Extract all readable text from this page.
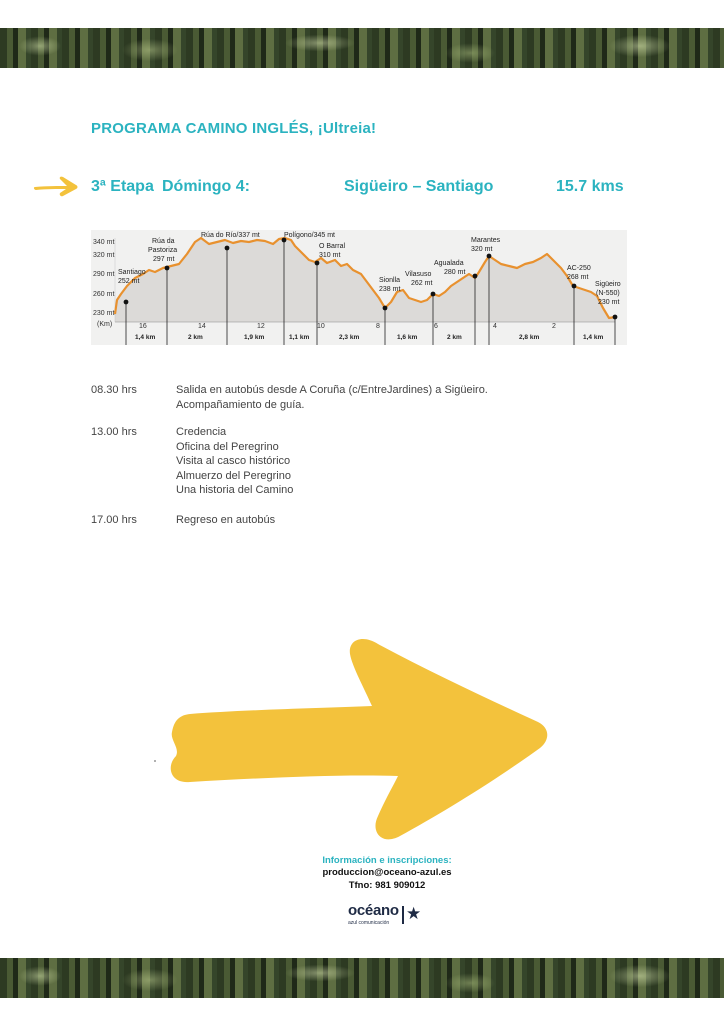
PROGRAMA CAMINO INGLÉS, ¡Ultreia!
3ª Etapa Dómingo 4:	Sigüeiro – Santiago	15.7 kms
340 mt
320 mt
290 mt
260 mt
230 mt
(Km)	16	14	12	10	8	6	4	2
Santiago
252 mt
Rúa da
Pastoriza
297 mt
Rúa do Río/337 mt	Polígono/345 mt
O Barral
310 mt
Sionlla
238 mt
Vilasuso
262 mt
Agualada
280 mt
Marantes
320 mt
AC-250
268 mt
Sigüeiro
(N-550)
230 mt
1,4 km	2 km	1,9 km	1,1 km	2,3 km	1,6 km	2 km	2,8 km	1,4 km
08.30 hrs	Salida en autobús desde A Coruña (c/EntreJardines) a Sigüeiro.
Acompañamiento de guía.
13.00 hrs	Credencia
Oficina del Peregrino
Visita al casco histórico
Almuerzo del Peregrino
Una historia del Camino
17.00 hrs	Regreso en autobús
Información e inscripciones:
produccion@oceano-azul.es
Tfno: 981 909012
océano
azul comunicación ★
